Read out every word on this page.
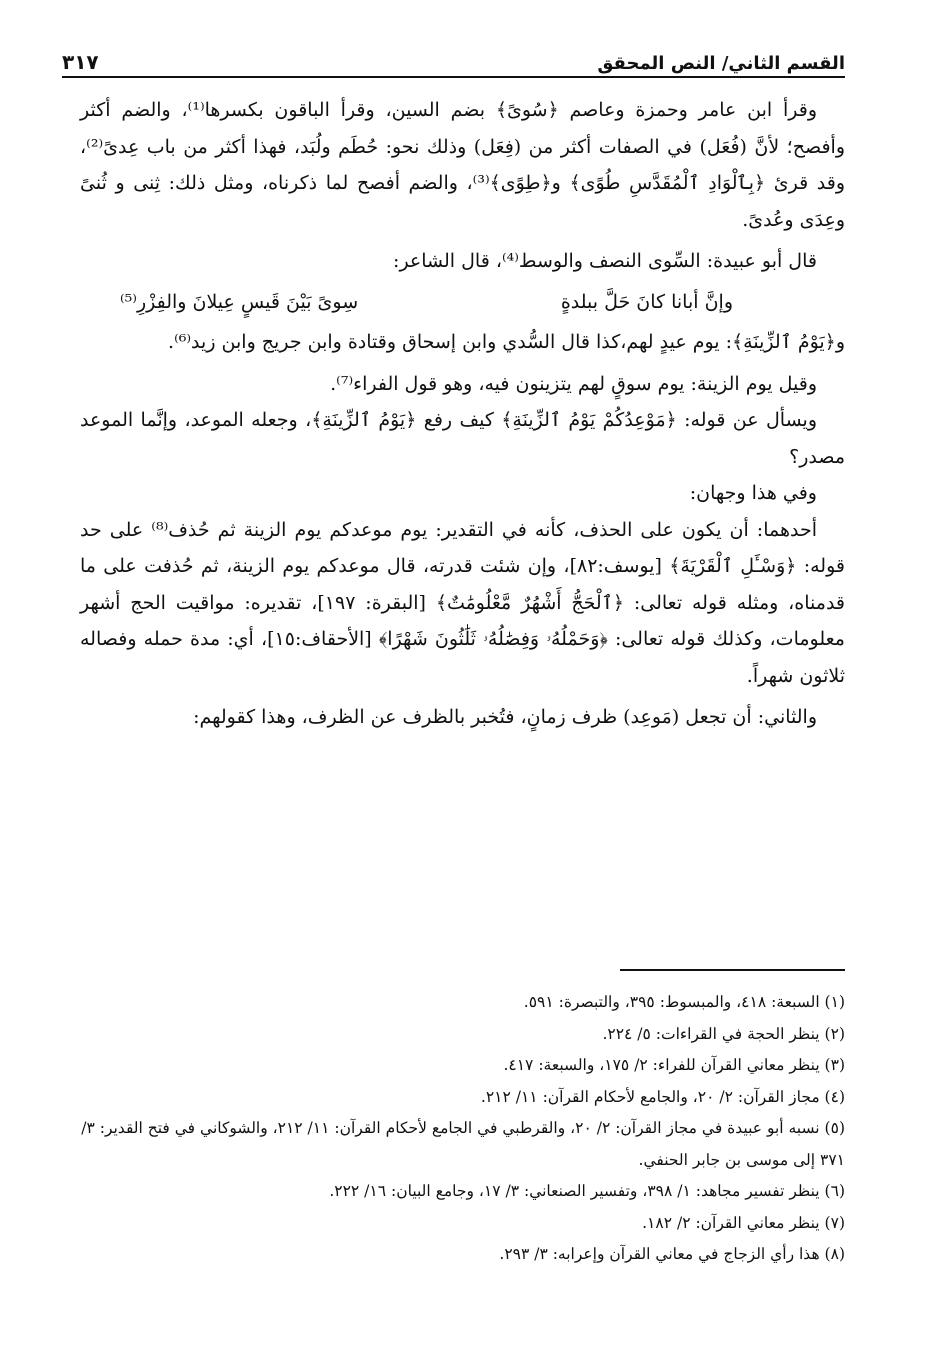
القسم الثاني/ النص المحقق
٣١٧

وقرأ ابن عامر وحمزة وعاصم ﴿سُوىً﴾ بضم السين، وقرأ الباقون بكسرها⁽¹⁾، والضم أكثر وأفصح؛ لأنَّ (فُعَل) في الصفات أكثر من (فِعَل) وذلك نحو: حُطَم ولُبَد، فهذا أكثر من باب عِدىً⁽²⁾، وقد قرئ ﴿بِٱلْوَادِ ٱلْمُقَدَّسِ طُوًى﴾ و﴿طِوًى﴾⁽³⁾، والضم أفصح لما ذكرناه، ومثل ذلك: ثِنى و ثُنىً وعِدَى وعُدىً.

قال أبو عبيدة: السِّوى النصف والوسط⁽⁴⁾، قال الشاعر:

وإنَّ أبانا كانَ حَلَّ ببلدةٍ
سِوىً بَيْنَ قَيسٍ عِيلانَ والفِزْرِ⁽⁵⁾

و﴿يَوْمُ ٱلزِّينَةِ﴾: يوم عيدٍ لهم،كذا قال السُّدي وابن إسحاق وقتادة وابن جريج وابن زيد⁽⁶⁾.

وقيل يوم الزينة: يوم سوقٍ لهم يتزينون فيه، وهو قول الفراء⁽⁷⁾.

ويسأل عن قوله: ﴿مَوْعِدُكُمْ يَوْمُ ٱلزِّينَةِ﴾ كيف رفع ﴿يَوْمُ ٱلزِّينَةِ﴾، وجعله الموعد، وإنَّما الموعد مصدر؟

وفي هذا وجهان:

أحدهما: أن يكون على الحذف، كأنه في التقدير: يوم موعدكم يوم الزينة ثم حُذف⁽⁸⁾ على حد قوله: ﴿وَسْـَٔلِ ٱلْقَرْيَةَ﴾ [يوسف:٨٢]، وإن شئت قدرته، قال موعدكم يوم الزينة، ثم حُذفت على ما قدمناه، ومثله قوله تعالى: ﴿ٱلْحَجُّ أَشْهُرٌ مَّعْلُومَٰتٌ﴾ [البقرة: ١٩٧]، تقديره: مواقيت الحج أشهر معلومات، وكذلك قوله تعالى: ﴿وَحَمْلُهُۥ وَفِصَٰلُهُۥ ثَلَٰثُونَ شَهْرًا﴾ [الأحقاف:١٥]، أي: مدة حمله وفصاله ثلاثون شهراً.

والثاني: أن تجعل (مَوعِد) ظرف زمانٍ، فتُخبر بالظرف عن الظرف، وهذا كقولهم:

(١) السبعة: ٤١٨، والمبسوط: ٣٩٥، والتبصرة: ٥٩١.
(٢) ينظر الحجة في القراءات: ٥/ ٢٢٤.
(٣) ينظر معاني القرآن للفراء: ٢/ ١٧٥، والسبعة: ٤١٧.
(٤) مجاز القرآن: ٢/ ٢٠، والجامع لأحكام القرآن: ١١/ ٢١٢.
(٥) نسبه أبو عبيدة في مجاز القرآن: ٢/ ٢٠، والقرطبي في الجامع لأحكام القرآن: ١١/ ٢١٢، والشوكاني في فتح القدير: ٣/ ٣٧١ إلى موسى بن جابر الحنفي.
(٦) ينظر تفسير مجاهد: ١/ ٣٩٨، وتفسير الصنعاني: ٣/ ١٧، وجامع البيان: ١٦/ ٢٢٢.
(٧) ينظر معاني القرآن: ٢/ ١٨٢.
(٨) هذا رأي الزجاج في معاني القرآن وإعرابه: ٣/ ٢٩٣.
